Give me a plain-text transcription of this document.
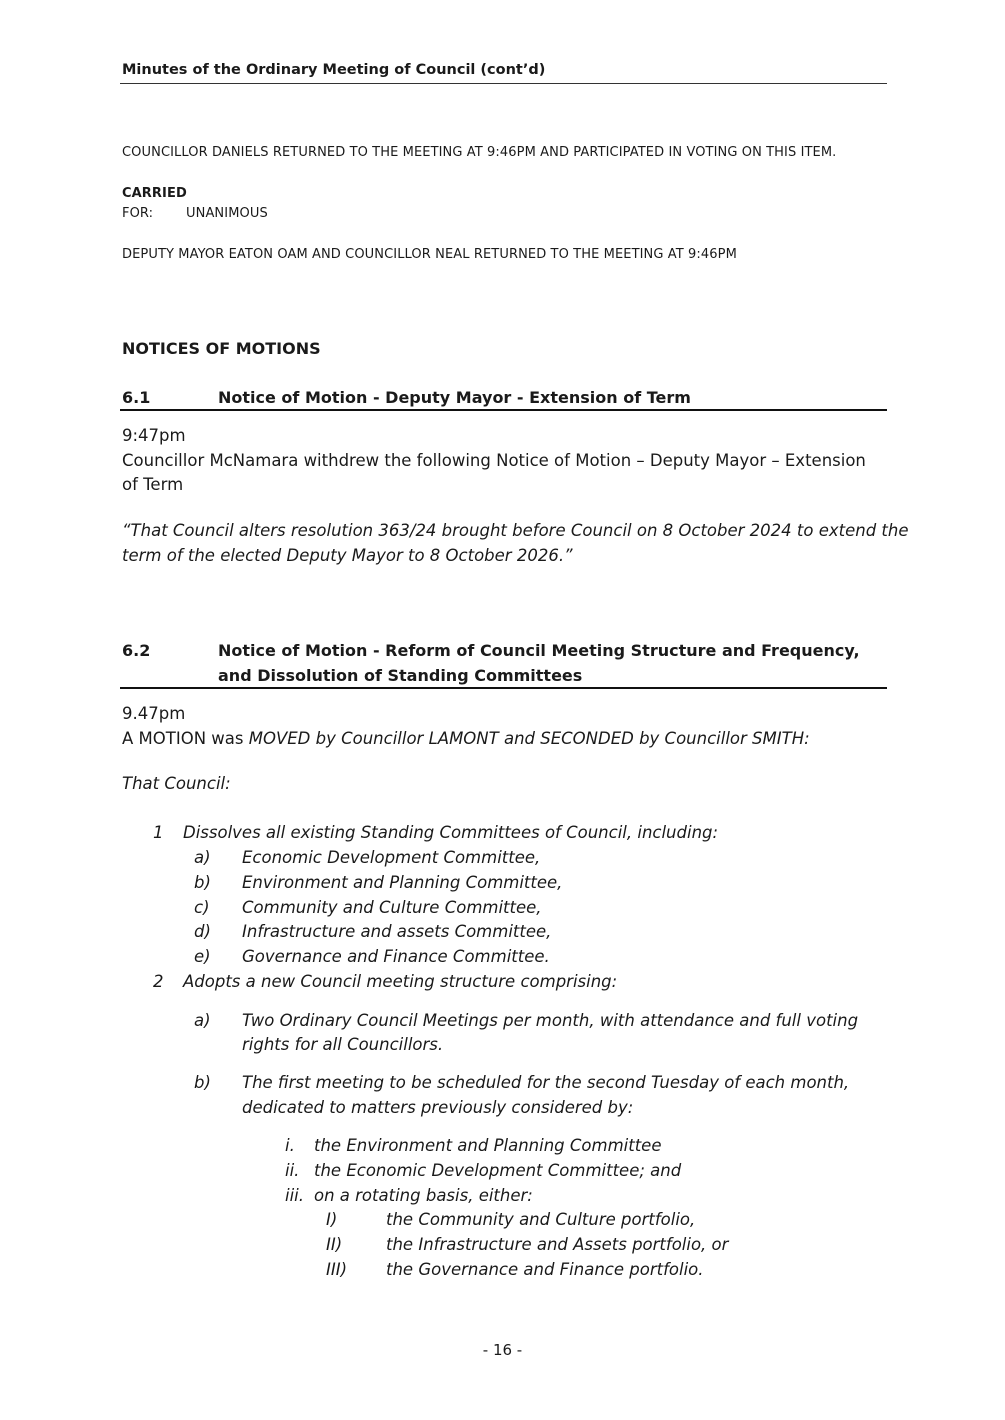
Minutes of the Ordinary Meeting of Council (cont’d)
COUNCILLOR DANIELS RETURNED TO THE MEETING AT 9:46PM AND PARTICIPATED IN VOTING ON THIS ITEM.
CARRIED
FOR:	UNANIMOUS
DEPUTY MAYOR EATON OAM AND COUNCILLOR NEAL RETURNED TO THE MEETING AT 9:46PM
NOTICES OF MOTIONS
6.1	Notice of Motion - Deputy Mayor - Extension of Term
9:47pm
Councillor McNamara withdrew the following Notice of Motion – Deputy Mayor – Extension
of Term
“That Council alters resolution 363/24 brought before Council on 8 October 2024 to extend the
term of the elected Deputy Mayor to 8 October 2026.”
6.2	Notice of Motion - Reform of Council Meeting Structure and Frequency,
and Dissolution of Standing Committees
9.47pm
A MOTION was MOVED by Councillor LAMONT and SECONDED by Councillor SMITH:
That Council:
1 Dissolves all existing Standing Committees of Council, including:
a) Economic Development Committee,
b) Environment and Planning Committee,
c) Community and Culture Committee,
d) Infrastructure and assets Committee,
e) Governance and Finance Committee.
2 Adopts a new Council meeting structure comprising:
a) Two Ordinary Council Meetings per month, with attendance and full voting
rights for all Councillors.
b) The first meeting to be scheduled for the second Tuesday of each month,
dedicated to matters previously considered by:
i. the Environment and Planning Committee
ii. the Economic Development Committee; and
iii. on a rotating basis, either:
I)	the Community and Culture portfolio,
II)	the Infrastructure and Assets portfolio, or
III) the Governance and Finance portfolio.
- 16 -
